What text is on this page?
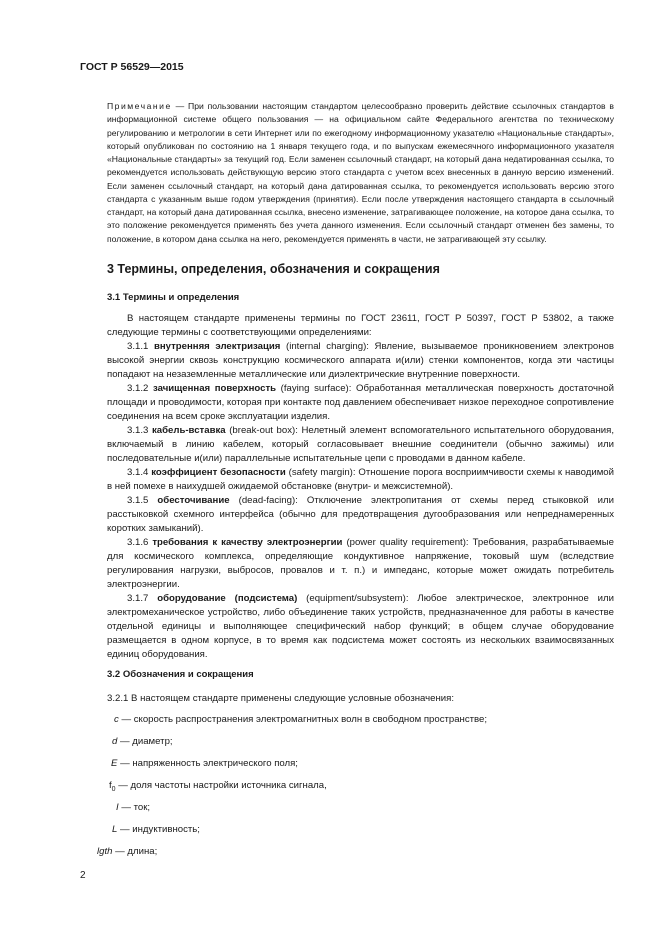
ГОСТ Р 56529—2015
Примечание — При пользовании настоящим стандартом целесообразно проверить действие ссылочных стандартов в информационной системе общего пользования — на официальном сайте Федерального агентства по техническому регулированию и метрологии в сети Интернет или по ежегодному информационному указателю «Национальные стандарты», который опубликован по состоянию на 1 января текущего года, и по выпускам ежемесячного информационного указателя «Национальные стандарты» за текущий год. Если заменен ссылочный стандарт, на который дана недатированная ссылка, то рекомендуется использовать действующую версию этого стандарта с учетом всех внесенных в данную версию изменений. Если заменен ссылочный стандарт, на который дана датированная ссылка, то рекомендуется использовать версию этого стандарта с указанным выше годом утверждения (принятия). Если после утверждения настоящего стандарта в ссылочный стандарт, на который дана датированная ссылка, внесено изменение, затрагивающее положение, на которое дана ссылка, то это положение рекомендуется применять без учета данного изменения. Если ссылочный стандарт отменен без замены, то положение, в котором дана ссылка на него, рекомендуется применять в части, не затрагивающей эту ссылку.
3 Термины, определения, обозначения и сокращения
3.1 Термины и определения

В настоящем стандарте применены термины по ГОСТ 23611, ГОСТ Р 50397, ГОСТ Р 53802, а также следующие термины с соответствующими определениями:

3.1.1 внутренняя электризация (internal charging): Явление, вызываемое проникновением электронов высокой энергии сквозь конструкцию космического аппарата и(или) стенки компонентов, когда эти частицы попадают на незаземленные металлические или диэлектрические внутренние поверхности.

3.1.2 зачищенная поверхность (faying surface): Обработанная металлическая поверхность достаточной площади и проводимости, которая при контакте под давлением обеспечивает низкое переходное сопротивление соединения на всем сроке эксплуатации изделия.

3.1.3 кабель-вставка (break-out box): Нелетный элемент вспомогательного испытательного оборудования, включаемый в линию кабелем, который согласовывает внешние соединители (обычно зажимы) или последовательные и(или) параллельные испытательные цепи с проводами в данном кабеле.

3.1.4 коэффициент безопасности (safety margin): Отношение порога восприимчивости схемы к наводимой в ней помехе в наихудшей ожидаемой обстановке (внутри- и межсистемной).

3.1.5 обесточивание (dead-facing): Отключение электропитания от схемы перед стыковкой или расстыковкой схемного интерфейса (обычно для предотвращения дугообразования или непреднамеренных коротких замыканий).

3.1.6 требования к качеству электроэнергии (power quality requirement): Требования, разрабатываемые для космического комплекса, определяющие кондуктивное напряжение, токовый шум (вследствие регулирования нагрузки, выбросов, провалов и т. п.) и импеданс, которые может ожидать потребитель электроэнергии.

3.1.7 оборудование (подсистема) (equipment/subsystem): Любое электрическое, электронное или электромеханическое устройство, либо объединение таких устройств, предназначенное для работы в качестве отдельной единицы и выполняющее специфический набор функций; в общем случае оборудование размещается в одном корпусе, в то время как подсистема может состоять из нескольких взаимосвязанных единиц оборудования.

3.2 Обозначения и сокращения
3.2.1 В настоящем стандарте применены следующие условные обозначения:
c — скорость распространения электромагнитных волн в свободном пространстве;
d — диаметр;
E — напряженность электрического поля;
$f_0$ — доля частоты настройки источника сигнала,
I — ток;
L — индуктивность;
lgth — длина;
2
